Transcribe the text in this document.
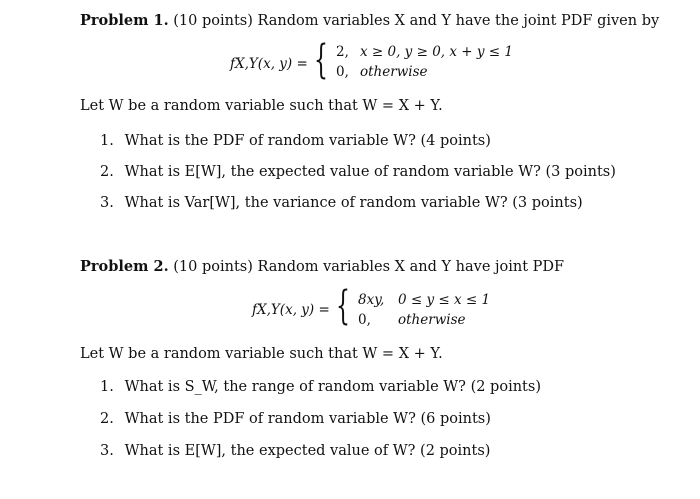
Problem 1. (10 points) Random variables X and Y have the joint PDF given by
fX,Y(x, y) = { 2, x ≥ 0, y ≥ 0, x + y ≤ 1
0, otherwise
Let W be a random variable such that W = X + Y.
1. What is the PDF of random variable W? (4 points)
2. What is E[W], the expected value of random variable W? (3 points)
3. What is Var[W], the variance of random variable W? (3 points)
Problem 2. (10 points) Random variables X and Y have joint PDF
fX,Y(x, y) = { 8xy, 0 ≤ y ≤ x ≤ 1
0, otherwise
Let W be a random variable such that W = X + Y.
1. What is S_W, the range of random variable W? (2 points)
2. What is the PDF of random variable W? (6 points)
3. What is E[W], the expected value of W? (2 points)
